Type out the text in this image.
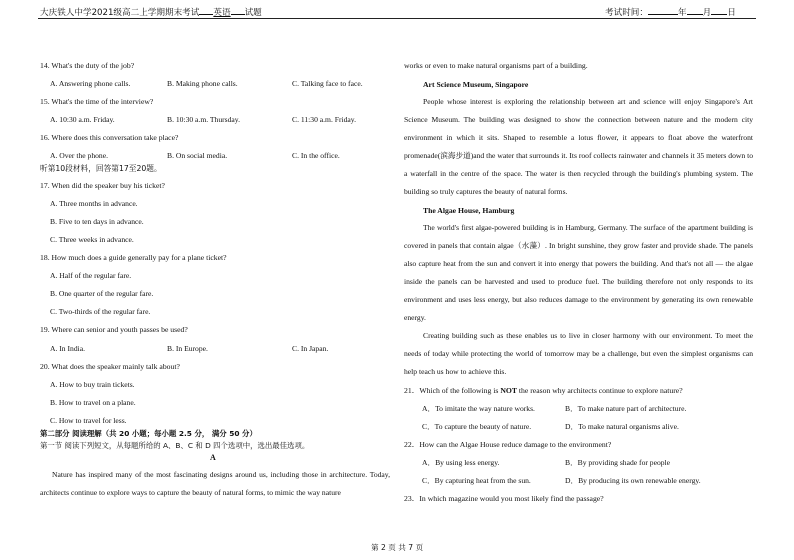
大庆铁人中学2021级高二上学期期末考试 英语 试题	考试时间：	年 月 日
14. What's the duty of the job?
A. Answering phone calls.	B. Making phone calls.	C. Talking face to face.
15. What's the time of the interview?
A. 10:30 a.m. Friday.	B. 10:30 a.m. Thursday.	C. 11:30 a.m. Friday.
16. Where does this conversation take place?
A. Over the phone.	B. On social media.	C. In the office.
听第10段材料，回答第17至20题。
17. When did the speaker buy his ticket?
A. Three months in advance.
B. Five to ten days in advance.
C. Three weeks in advance.
18. How much does a guide generally pay for a plane ticket?
A. Half of the regular fare.
B. One quarter of the regular fare.
C. Two-thirds of the regular fare.
19. Where can senior and youth passes be used?
A. In India.	B. In Europe.	C. In Japan.
20. What does the speaker mainly talk about?
A. How to buy train tickets.
B. How to travel on a plane.
C. How to travel for less.
第二部分 阅读理解（共 20 小题；每小题 2.5 分， 满分 50 分）
第一节 阅读下列短文，从每题所给的 A、B、C 和 D 四个选项中，选出最佳选项。
A
Nature has inspired many of the most fascinating designs around us, including those in architecture. Today, architects continue to explore ways to capture the beauty of natural forms, to mimic the way nature
works or even to make natural organisms part of a building.
Art Science Museum, Singapore
People whose interest is exploring the relationship between art and science will enjoy Singapore's Art Science Museum. The building was designed to show the connection between nature and the modern city environment in which it sits. Shaped to resemble a lotus flower, it appears to float above the waterfront promenade(滨海步道)and the water that surrounds it. Its roof collects rainwater and channels it 35 meters down to a waterfall in the centre of the space. The water is then recycled through the building's plumbing system. The building so truly captures the beauty of natural forms.
The Algae House, Hamburg
The world's first algae-powered building is in Hamburg, Germany. The surface of the apartment building is covered in panels that contain algae（水藻）. In bright sunshine, they grow faster and provide shade. The panels also capture heat from the sun and convert it into energy that powers the building. And that's not all — the algae inside the panels can be harvested and used to produce fuel. The building therefore not only responds to its environment and uses less energy, but also reduces damage to the environment by generating its own renewable energy.
Creating building such as these enables us to live in closer harmony with our environment. To meet the needs of today while protecting the world of tomorrow may be a challenge, but even the simplest organisms can help teach us how to achieve this.
21．Which of the following is NOT the reason why architects continue to explore nature?
A．To imitate the way nature works.	B．To make nature part of architecture.
C．To capture the beauty of nature.	D．To make natural organisms alive.
22．How can the Algae House reduce damage to the environment?
A．By using less energy.	B．By providing shade for people
C．By capturing heat from the sun.	D．By producing its own renewable energy.
23．In which magazine would you most likely find the passage?
第 2 页 共 7 页
